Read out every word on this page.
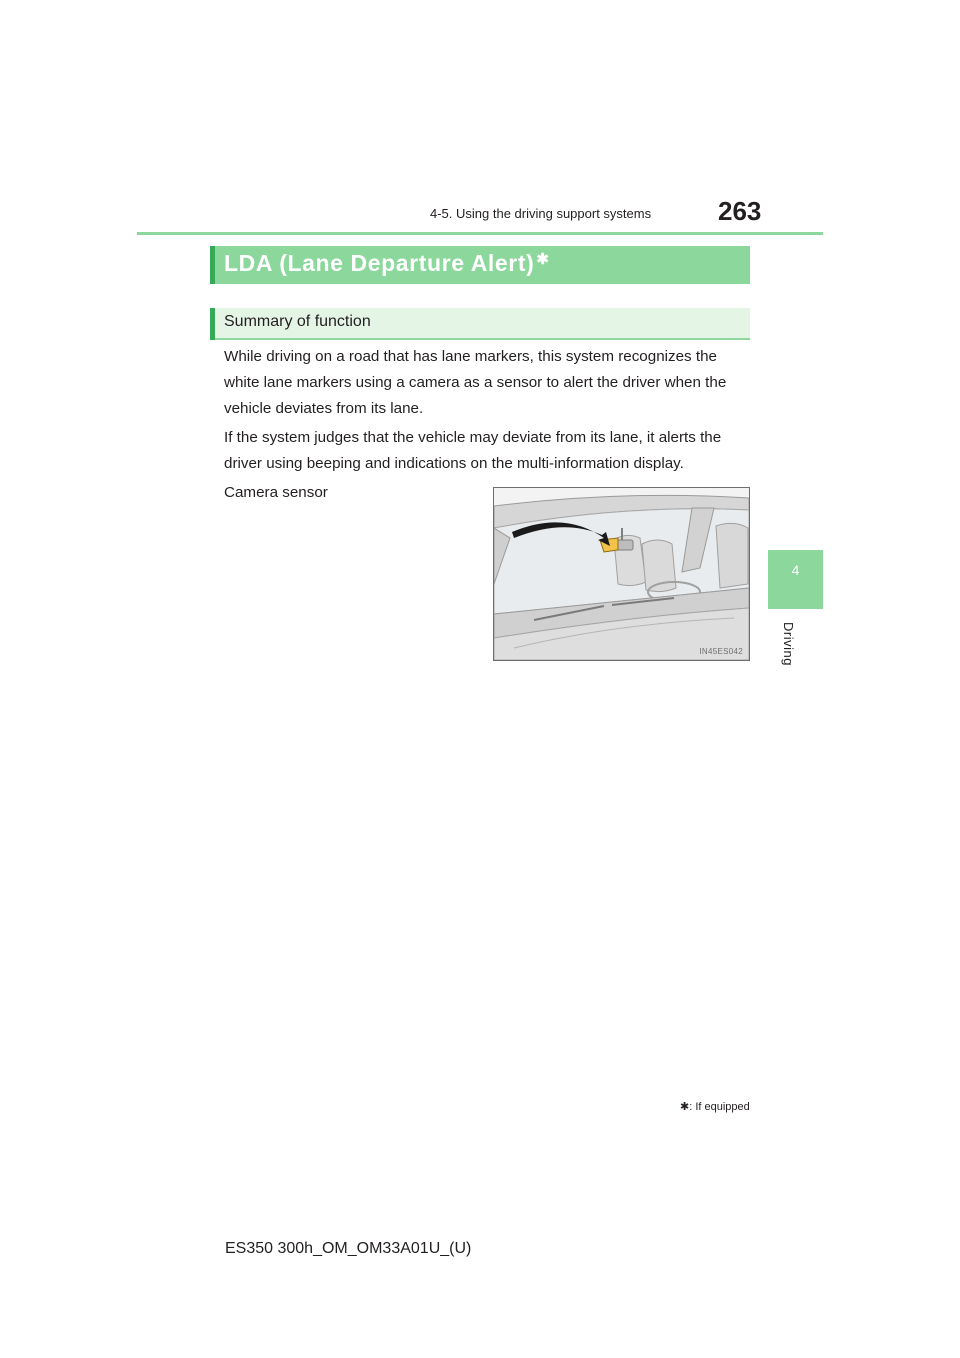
4-5. Using the driving support systems	263
4
Driving
LDA (Lane Departure Alert) ✱
Summary of function

While driving on a road that has lane markers, this system recognizes the white lane markers using a camera as a sensor to alert the driver when the vehicle deviates from its lane.

If the system judges that the vehicle may deviate from its lane, it alerts the driver using beeping and indications on the multi-information display.

Camera sensor
IN45ES042
✱: If equipped
ES350 300h_OM_OM33A01U_(U)
